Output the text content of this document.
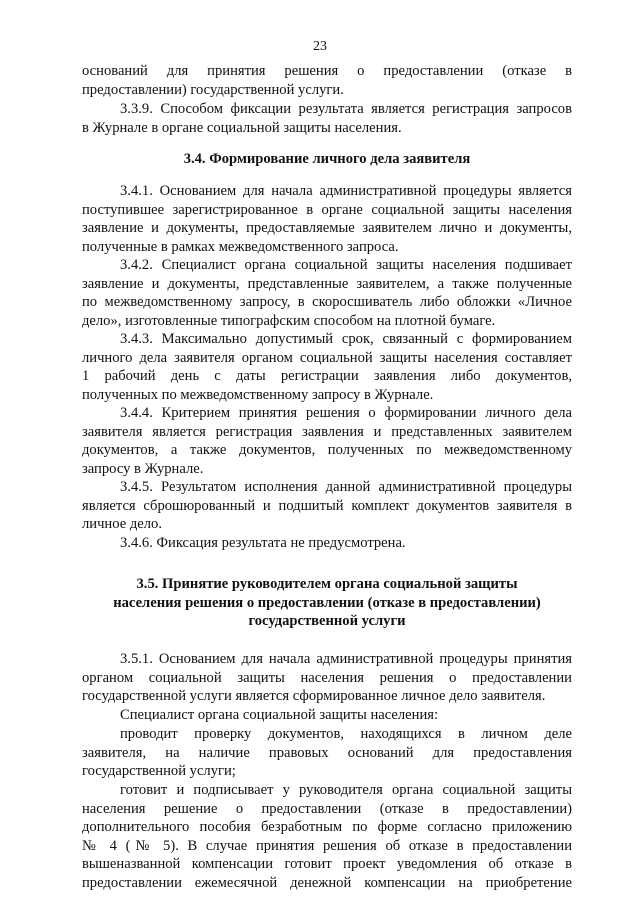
23
оснований для принятия решения о предоставлении (отказе в
предоставлении) государственной услуги.
3.3.9. Способом фиксации результата является регистрация запросов
в Журнале в органе социальной защиты населения.
3.4. Формирование личного дела заявителя
3.4.1. Основанием для начала административной процедуры является
поступившее зарегистрированное в органе социальной защиты населения
заявление и документы, предоставляемые заявителем лично и документы,
полученные в рамках межведомственного запроса.
3.4.2. Специалист органа социальной защиты населения подшивает
заявление и документы, представленные заявителем, а также полученные
по межведомственному запросу, в скоросшиватель либо обложки «Личное
дело», изготовленные типографским способом на плотной бумаге.
3.4.3. Максимально допустимый срок, связанный с формированием
личного дела заявителя органом социальной защиты населения составляет
1 рабочий день с даты регистрации заявления либо документов,
полученных по межведомственному запросу в Журнале.
3.4.4. Критерием принятия решения о формировании личного дела
заявителя является регистрация заявления и представленных заявителем
документов, а также документов, полученных по межведомственному
запросу в Журнале.
3.4.5. Результатом исполнения данной административной процедуры
является сброшюрованный и подшитый комплект документов заявителя в
личное дело.
3.4.6. Фиксация результата не предусмотрена.
3.5. Принятие руководителем органа социальной защиты
населения решения о предоставлении (отказе в предоставлении)
государственной услуги
3.5.1. Основанием для начала административной процедуры принятия
органом социальной защиты населения решения о предоставлении
государственной услуги является сформированное личное дело заявителя.
Специалист органа социальной защиты населения:
проводит проверку документов, находящихся в личном деле
заявителя, на наличие правовых оснований для предоставления
государственной услуги;
готовит и подписывает у руководителя органа социальной защиты
населения решение о предоставлении (отказе в предоставлении)
дополнительного пособия безработным по форме согласно приложению
№ 4 (№ 5). В случае принятия решения об отказе в предоставлении
вышеназванной компенсации готовит проект уведомления об отказе в
предоставлении ежемесячной денежной компенсации на приобретение
